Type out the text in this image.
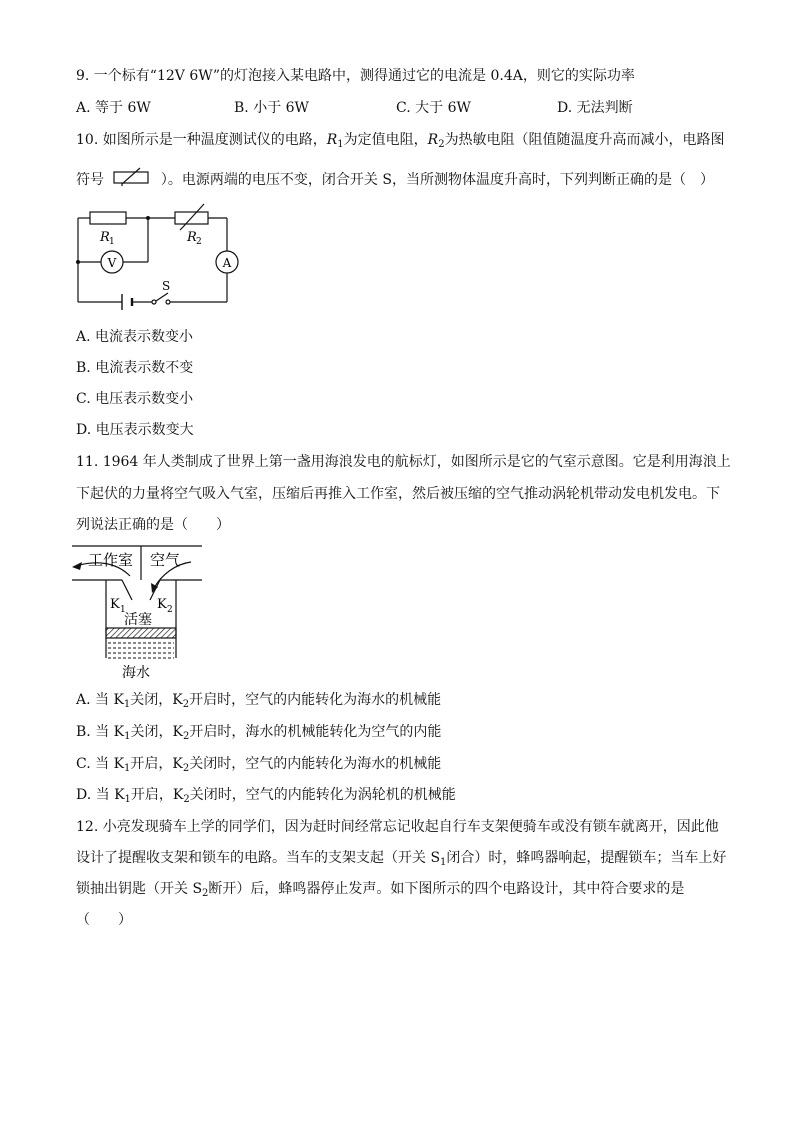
9. 一个标有“12V 6W”的灯泡接入某电路中，测得通过它的电流是 0.4A，则它的实际功率
A. 等于 6W	B. 小于 6W	C. 大于 6W	D. 无法判断
10. 如图所示是一种温度测试仪的电路，$R_1$为定值电阻，$R_2$为热敏电阻（阻值随温度升高而减小，电路图
符号	）。电源两端的电压不变，闭合开关 S，当所测物体温度升高时，下列判断正确的是（　）
R 1	R 2
V	A
S
A. 电流表示数变小
B. 电流表示数不变
C. 电压表示数变小
D. 电压表示数变大
11. 1964 年人类制成了世界上第一盏用海浪发电的航标灯，如图所示是它的气室示意图。它是利用海浪上
下起伏的力量将空气吸入气室，压缩后再推入工作室，然后被压缩的空气推动涡轮机带动发电机发电。下
列说法正确的是（　　）
工作室 空气
K 1 K 2
活塞
海水
A. 当 $K_1$关闭，$K_2$开启时，空气的内能转化为海水的机械能
B. 当 $K_1$关闭，$K_2$开启时，海水的机械能转化为空气的内能
C. 当 $K_1$开启，$K_2$关闭时，空气的内能转化为海水的机械能
D. 当 $K_1$开启，$K_2$关闭时，空气的内能转化为涡轮机的机械能
12. 小亮发现骑车上学的同学们，因为赶时间经常忘记收起自行车支架便骑车或没有锁车就离开，因此他
设计了提醒收支架和锁车的电路。当车的支架支起（开关 $S_1$闭合）时，蜂鸣器响起，提醒锁车；当车上好
锁抽出钥匙（开关 $S_2$断开）后，蜂鸣器停止发声。如下图所示的四个电路设计，其中符合要求的是
（　　）
